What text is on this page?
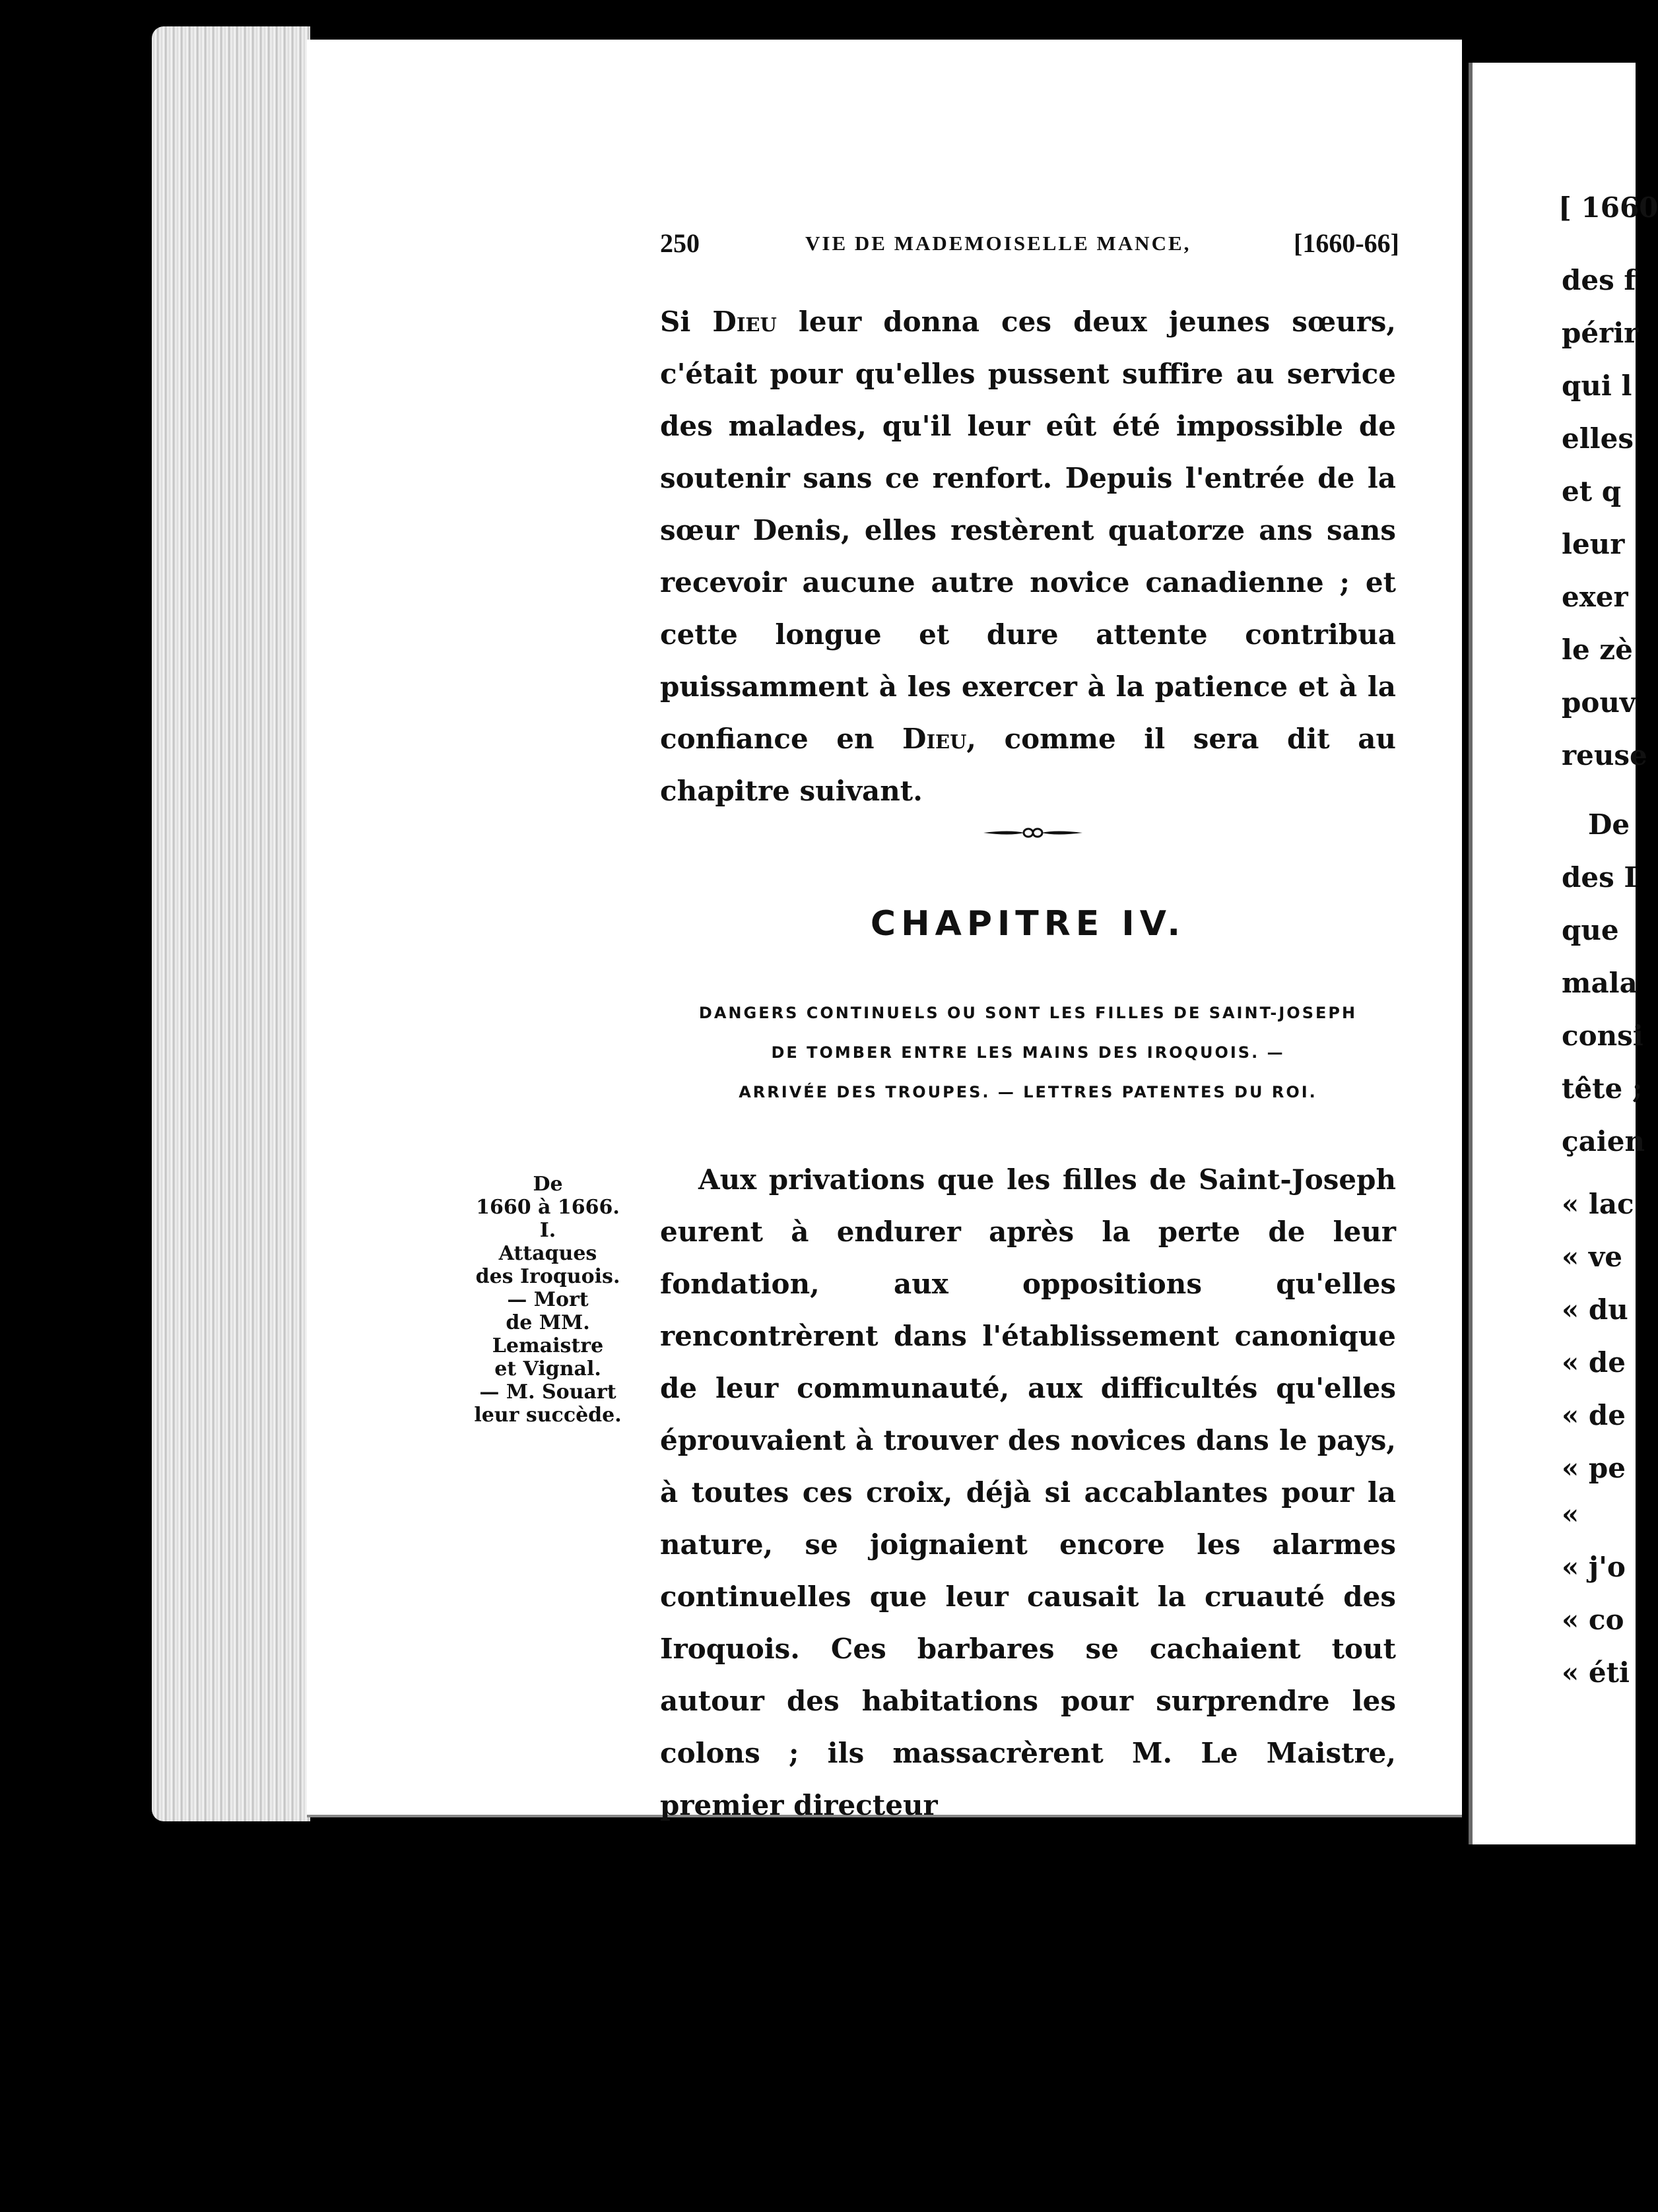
250	VIE DE MADEMOISELLE MANCE,	[1660-66]

Si Dieu leur donna ces deux jeunes sœurs, c'était pour qu'elles pussent suffire au service des malades, qu'il leur eût été impossible de soutenir sans ce renfort. Depuis l'entrée de la sœur Denis, elles restèrent quatorze ans sans recevoir aucune autre novice canadienne ; et cette longue et dure attente contribua puissamment à les exercer à la patience et à la confiance en Dieu, comme il sera dit au chapitre suivant.

CHAPITRE IV.
DANGERS CONTINUELS OU SONT LES FILLES DE SAINT-JOSEPH
DE TOMBER ENTRE LES MAINS DES IROQUOIS. —
ARRIVÉE DES TROUPES. — LETTRES PATENTES DU ROI.
De
1660 à 1666.
I.
Attaques
des Iroquois.
— Mort
de MM.
Lemaistre
et Vignal.
— M. Souart
leur succède.

Aux privations que les filles de Saint-Joseph eurent à endurer après la perte de leur fondation, aux oppositions qu'elles rencontrèrent dans l'établissement canonique de leur communauté, aux difficultés qu'elles éprouvaient à trouver des novices dans le pays, à toutes ces croix, déjà si accablantes pour la nature, se joignaient encore les alarmes continuelles que leur causait la cruauté des Iroquois. Ces barbares se cachaient tout autour des habitations pour surprendre les colons ; ils massacrèrent M. Le Maistre, premier directeur

[ 1660
des f
périr
qui l
elles
et q
leur
exer
le zè
pouv
reuse
De
des I
que
mala
consi
tête ;
çaien
« lac
« ve
« du
« de
« de
« pe
«
« j'o
« co
« éti
